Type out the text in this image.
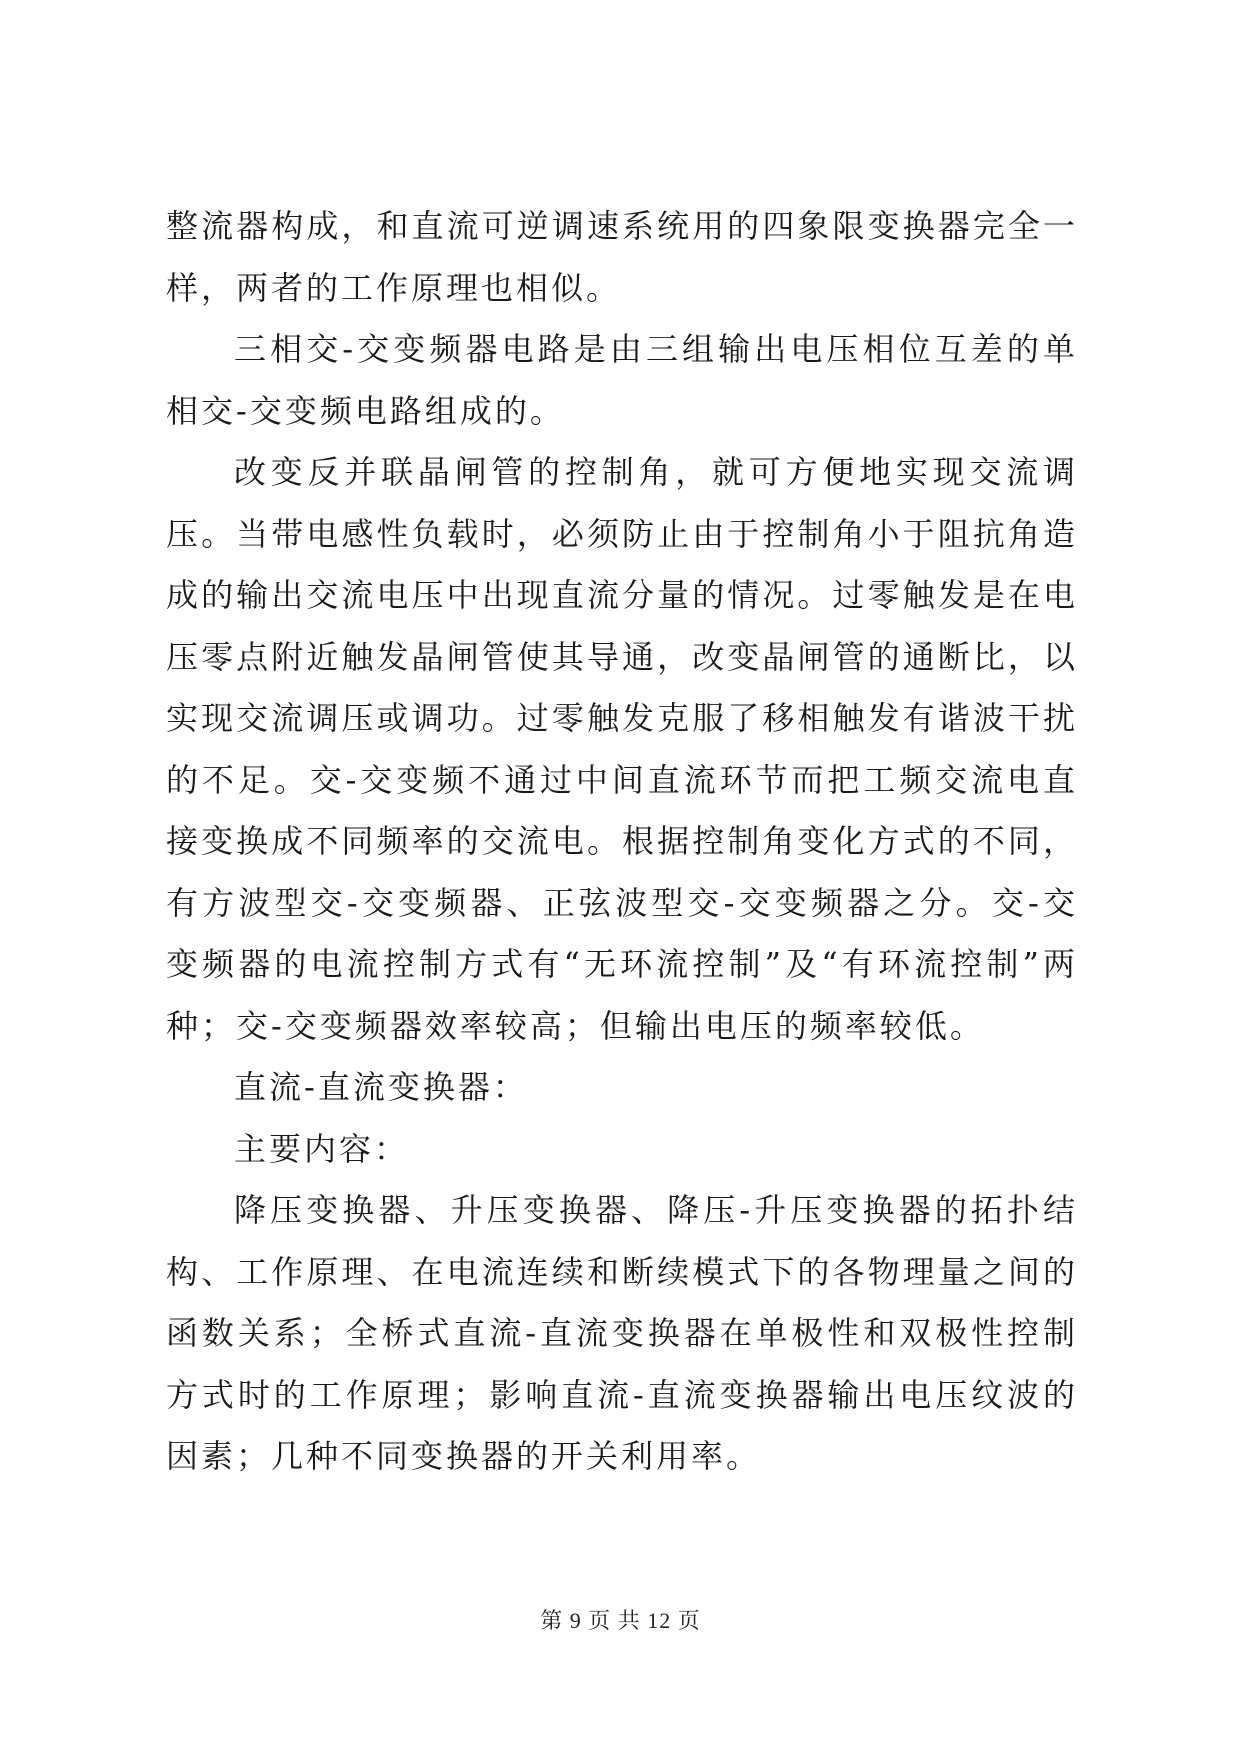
整流器构成，和直流可逆调速系统用的四象限变换器完全一样，两者的工作原理也相似。

三相交-交变频器电路是由三组输出电压相位互差的单相交-交变频电路组成的。

改变反并联晶闸管的控制角，就可方便地实现交流调压。当带电感性负载时，必须防止由于控制角小于阻抗角造成的输出交流电压中出现直流分量的情况。过零触发是在电压零点附近触发晶闸管使其导通，改变晶闸管的通断比，以实现交流调压或调功。过零触发克服了移相触发有谐波干扰的不足。交-交变频不通过中间直流环节而把工频交流电直接变换成不同频率的交流电。根据控制角变化方式的不同，有方波型交-交变频器、正弦波型交-交变频器之分。交-交变频器的电流控制方式有“无环流控制”及“有环流控制”两种；交-交变频器效率较高；但输出电压的频率较低。

直流-直流变换器：

主要内容：

降压变换器、升压变换器、降压-升压变换器的拓扑结构、工作原理、在电流连续和断续模式下的各物理量之间的函数关系；全桥式直流-直流变换器在单极性和双极性控制方式时的工作原理；影响直流-直流变换器输出电压纹波的因素；几种不同变换器的开关利用率。

第 9 页 共 12 页
